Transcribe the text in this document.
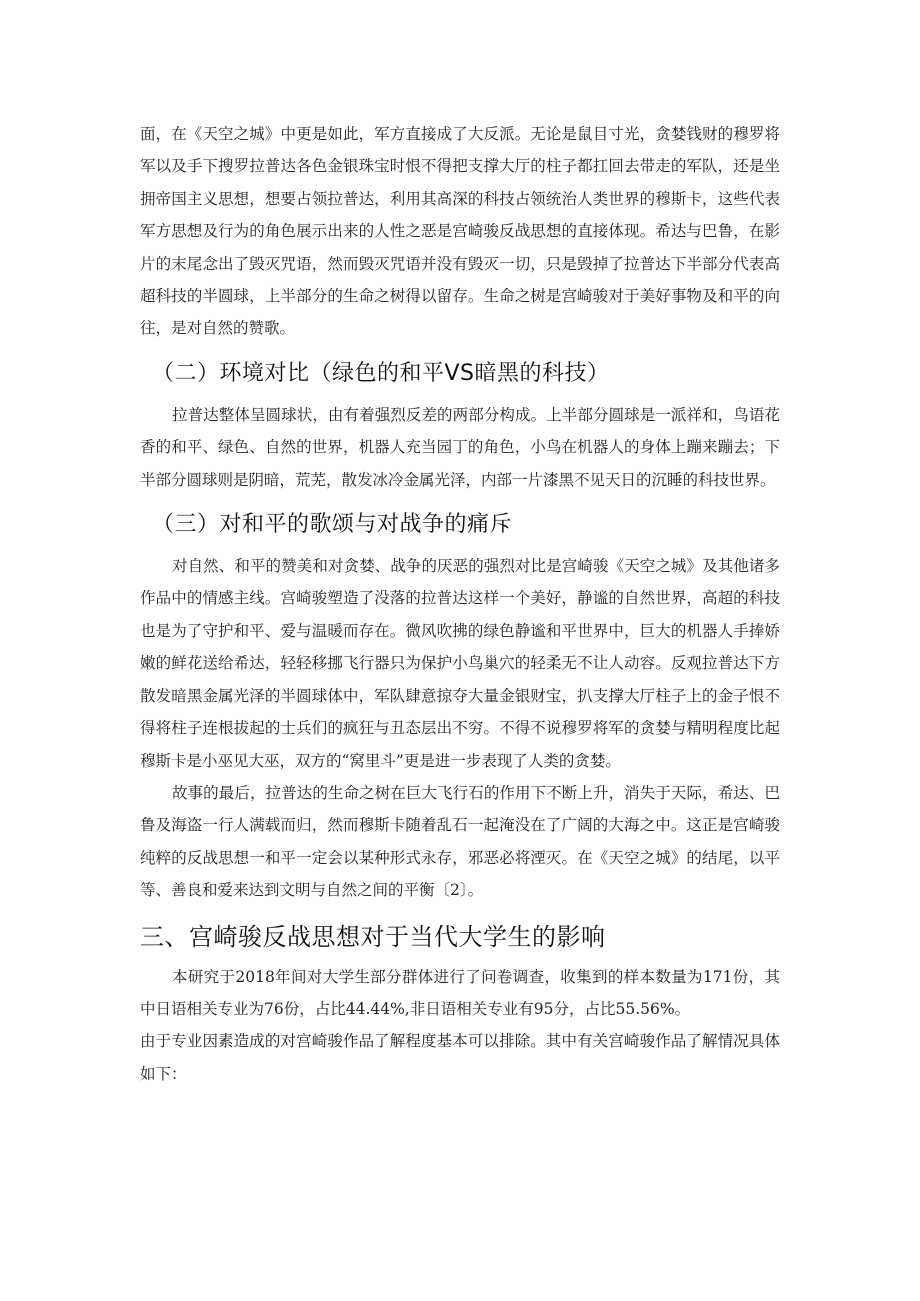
面，在《天空之城》中更是如此，军方直接成了大反派。无论是鼠目寸光，贪婪钱财的穆罗将军以及手下搜罗拉普达各色金银珠宝时恨不得把支撑大厅的柱子都扛回去带走的军队，还是坐拥帝国主义思想，想要占领拉普达，利用其高深的科技占领统治人类世界的穆斯卡，这些代表军方思想及行为的角色展示出来的人性之恶是宫崎骏反战思想的直接体现。希达与巴鲁，在影片的末尾念出了毁灭咒语，然而毁灭咒语并没有毁灭一切，只是毁掉了拉普达下半部分代表高超科技的半圆球，上半部分的生命之树得以留存。生命之树是宫崎骏对于美好事物及和平的向往，是对自然的赞歌。

（二）环境对比（绿色的和平VS暗黑的科技）

拉普达整体呈圆球状，由有着强烈反差的两部分构成。上半部分圆球是一派祥和，鸟语花香的和平、绿色、自然的世界，机器人充当园丁的角色，小鸟在机器人的身体上蹦来蹦去；下半部分圆球则是阴暗，荒芜，散发冰冷金属光泽，内部一片漆黑不见天日的沉睡的科技世界。

（三）对和平的歌颂与对战争的痛斥

对自然、和平的赞美和对贪婪、战争的厌恶的强烈对比是宫崎骏《天空之城》及其他诸多作品中的情感主线。宫崎骏塑造了没落的拉普达这样一个美好，静谧的自然世界，高超的科技也是为了守护和平、爱与温暖而存在。微风吹拂的绿色静谧和平世界中，巨大的机器人手捧娇嫩的鲜花送给希达，轻轻移挪飞行器只为保护小鸟巢穴的轻柔无不让人动容。反观拉普达下方散发暗黑金属光泽的半圆球体中，军队肆意掠夺大量金银财宝，扒支撑大厅柱子上的金子恨不得将柱子连根拔起的士兵们的疯狂与丑态层出不穷。不得不说穆罗将军的贪婪与精明程度比起穆斯卡是小巫见大巫，双方的“窝里斗”更是进一步表现了人类的贪婪。

故事的最后，拉普达的生命之树在巨大飞行石的作用下不断上升，消失于天际，希达、巴鲁及海盗一行人满载而归，然而穆斯卡随着乱石一起淹没在了广阔的大海之中。这正是宫崎骏纯粹的反战思想一和平一定会以某种形式永存，邪恶必将湮灭。在《天空之城》的结尾，以平等、善良和爱来达到文明与自然之间的平衡〔2〕。

三、宫崎骏反战思想对于当代大学生的影响

本研究于2018年间对大学生部分群体进行了问卷调查，收集到的样本数量为171份，其中日语相关专业为76份，占比44.44%,非日语相关专业有95分，占比55.56%。

由于专业因素造成的对宫崎骏作品了解程度基本可以排除。其中有关宫崎骏作品了解情况具体如下：
